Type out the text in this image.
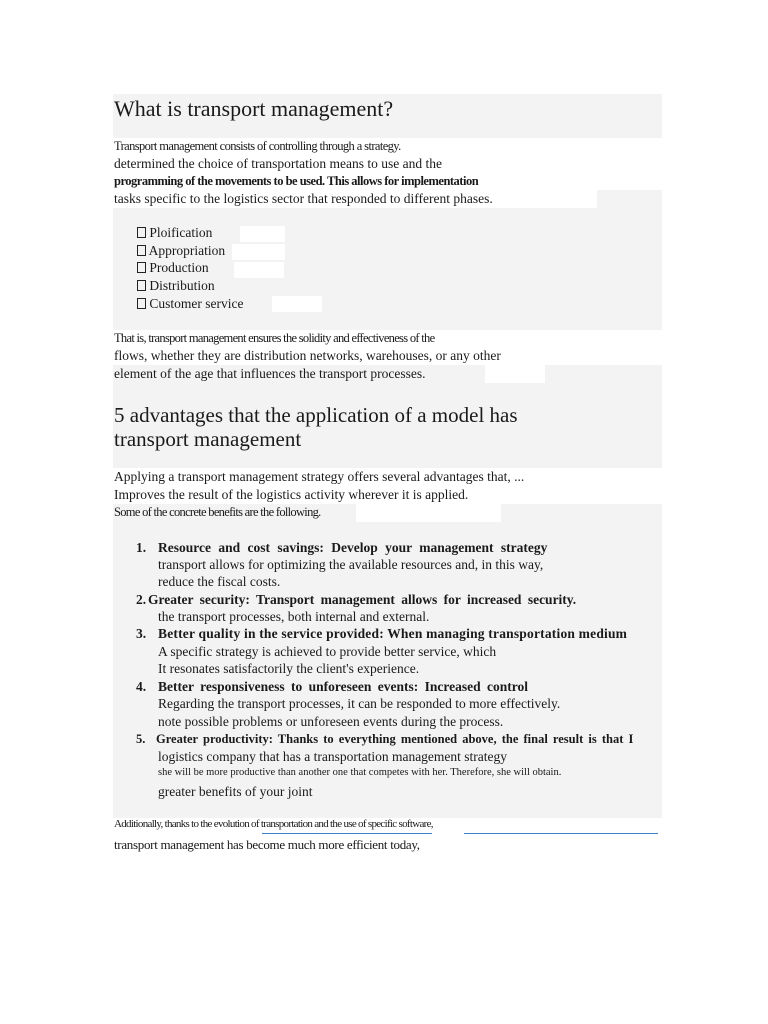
What is transport management?
Transport management consists of controlling through a strategy.
determined the choice of transportation means to use and the
programming of the movements to be used. This allows for implementation
tasks specific to the logistics sector that responded to different phases.
Ploification
Appropriation
Production
Distribution
Customer service
That is, transport management ensures the solidity and effectiveness of the
flows, whether they are distribution networks, warehouses, or any other
element of the age that influences the transport processes.
5 advantages that the application of a model has
transport management
Applying a transport management strategy offers several advantages that, ...
Improves the result of the logistics activity wherever it is applied.
Some of the concrete benefits are the following.
1. Resource and cost savings: Develop your management strategy
transport allows for optimizing the available resources and, in this way,
reduce the fiscal costs.
2. Greater security: Transport management allows for increased security.
the transport processes, both internal and external.
3. Better quality in the service provided: When managing transportation medium
A specific strategy is achieved to provide better service, which
It resonates satisfactorily the client's experience.
4. Better responsiveness to unforeseen events: Increased control
Regarding the transport processes, it can be responded to more effectively.
note possible problems or unforeseen events during the process.
5. Greater productivity: Thanks to everything mentioned above, the final result is that I
logistics company that has a transportation management strategy
she will be more productive than another one that competes with her. Therefore, she will obtain.
greater benefits of your joint
Additionally, thanks to the evolution of transportation and the use of specific software,
transport management has become much more efficient today,
